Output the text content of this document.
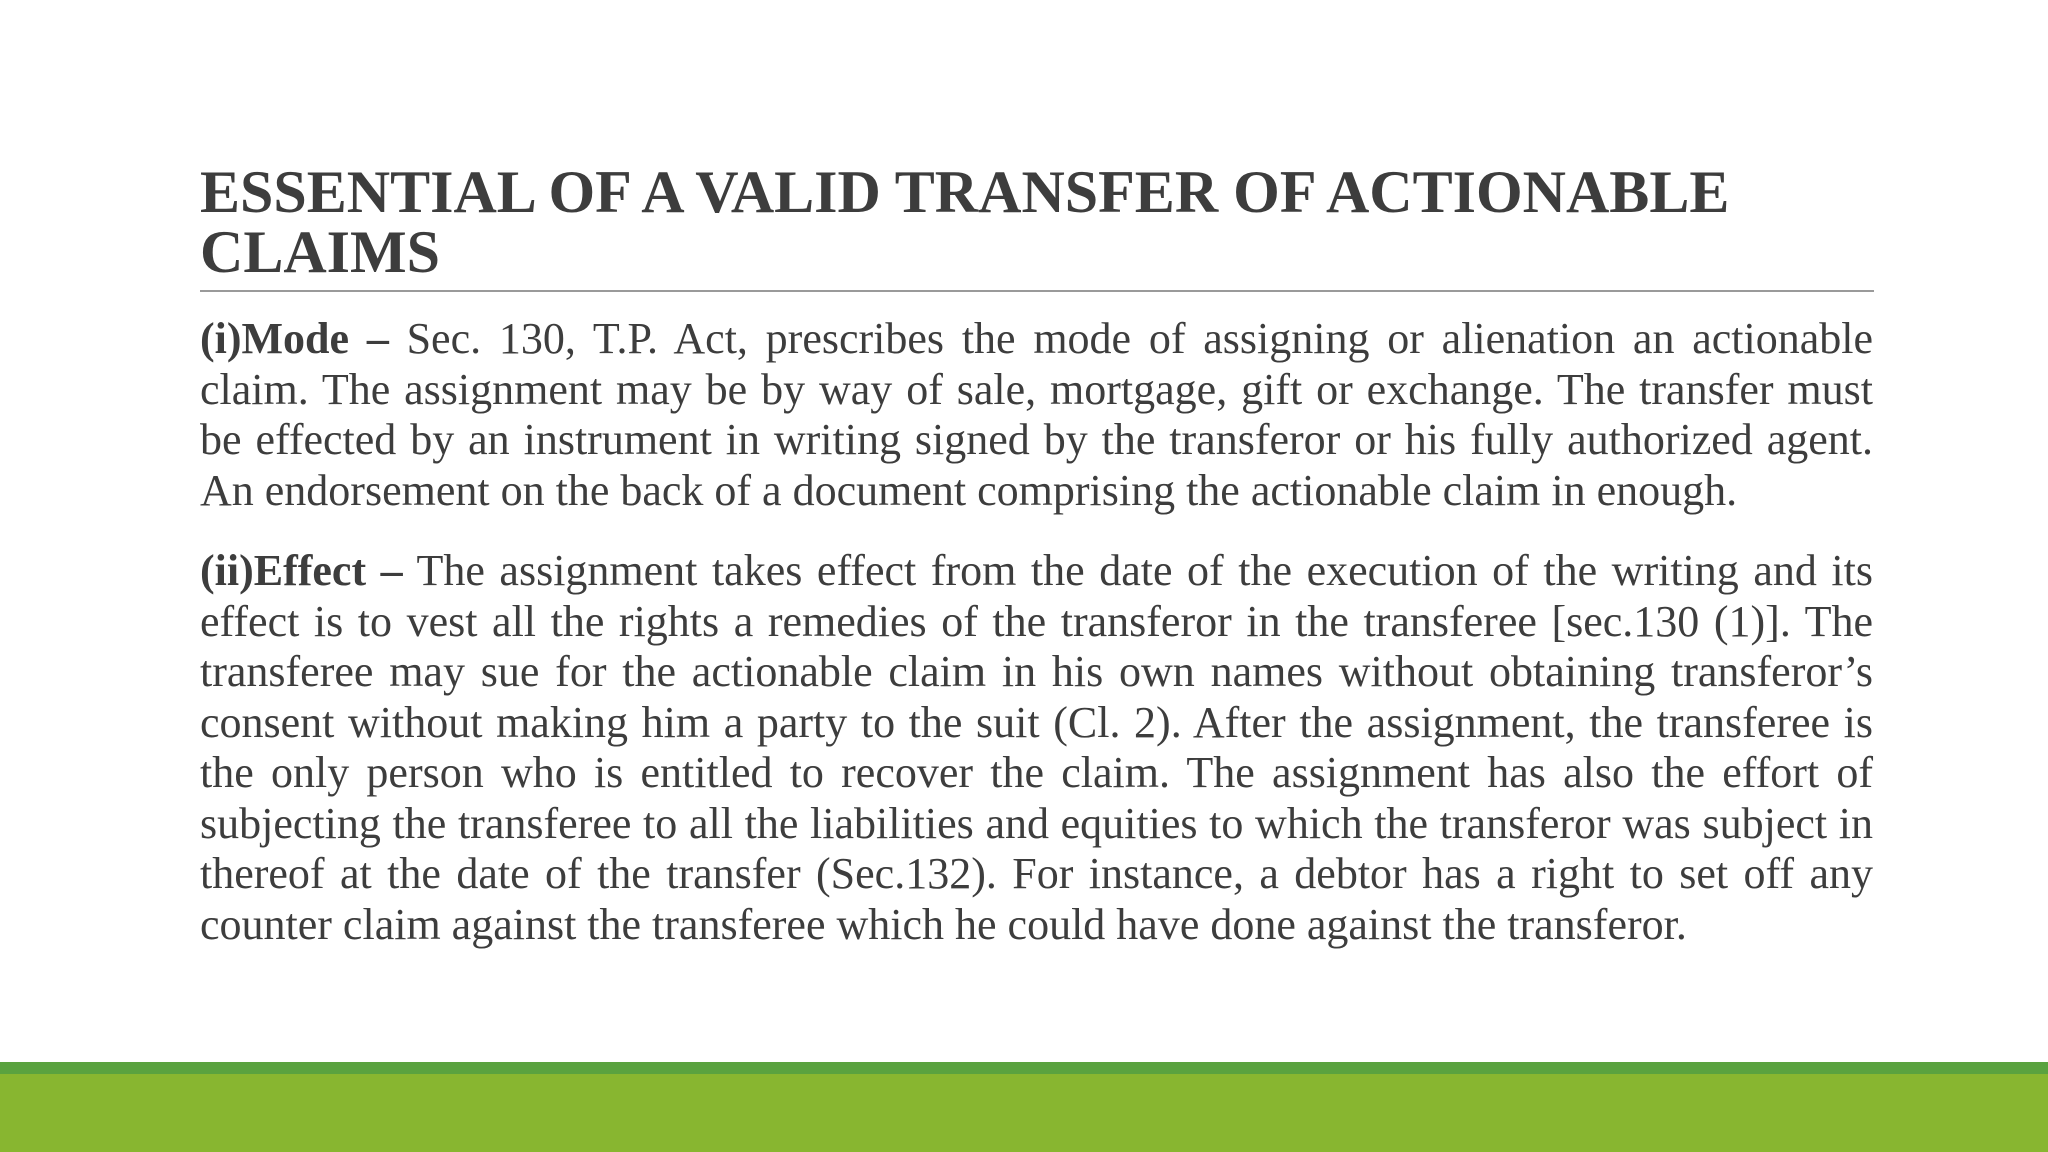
ESSENTIAL OF A VALID TRANSFER OF ACTIONABLE CLAIMS

(i)Mode – Sec. 130, T.P. Act, prescribes the mode of assigning or alienation an actionable claim. The assignment may be by way of sale, mortgage, gift or exchange. The transfer must be effected by an instrument in writing signed by the transferor or his fully authorized agent. An endorsement on the back of a document comprising the actionable claim in enough.

(ii)Effect – The assignment takes effect from the date of the execution of the writing and its effect is to vest all the rights a remedies of the transferor in the transferee [sec.130 (1)]. The transferee may sue for the actionable claim in his own names without obtaining transferor’s consent without making him a party to the suit (Cl. 2). After the assignment, the transferee is the only person who is entitled to recover the claim. The assignment has also the effort of subjecting the transferee to all the liabilities and equities to which the transferor was subject in thereof at the date of the transfer (Sec.132). For instance, a debtor has a right to set off any counter claim against the transferee which he could have done against the transferor.
